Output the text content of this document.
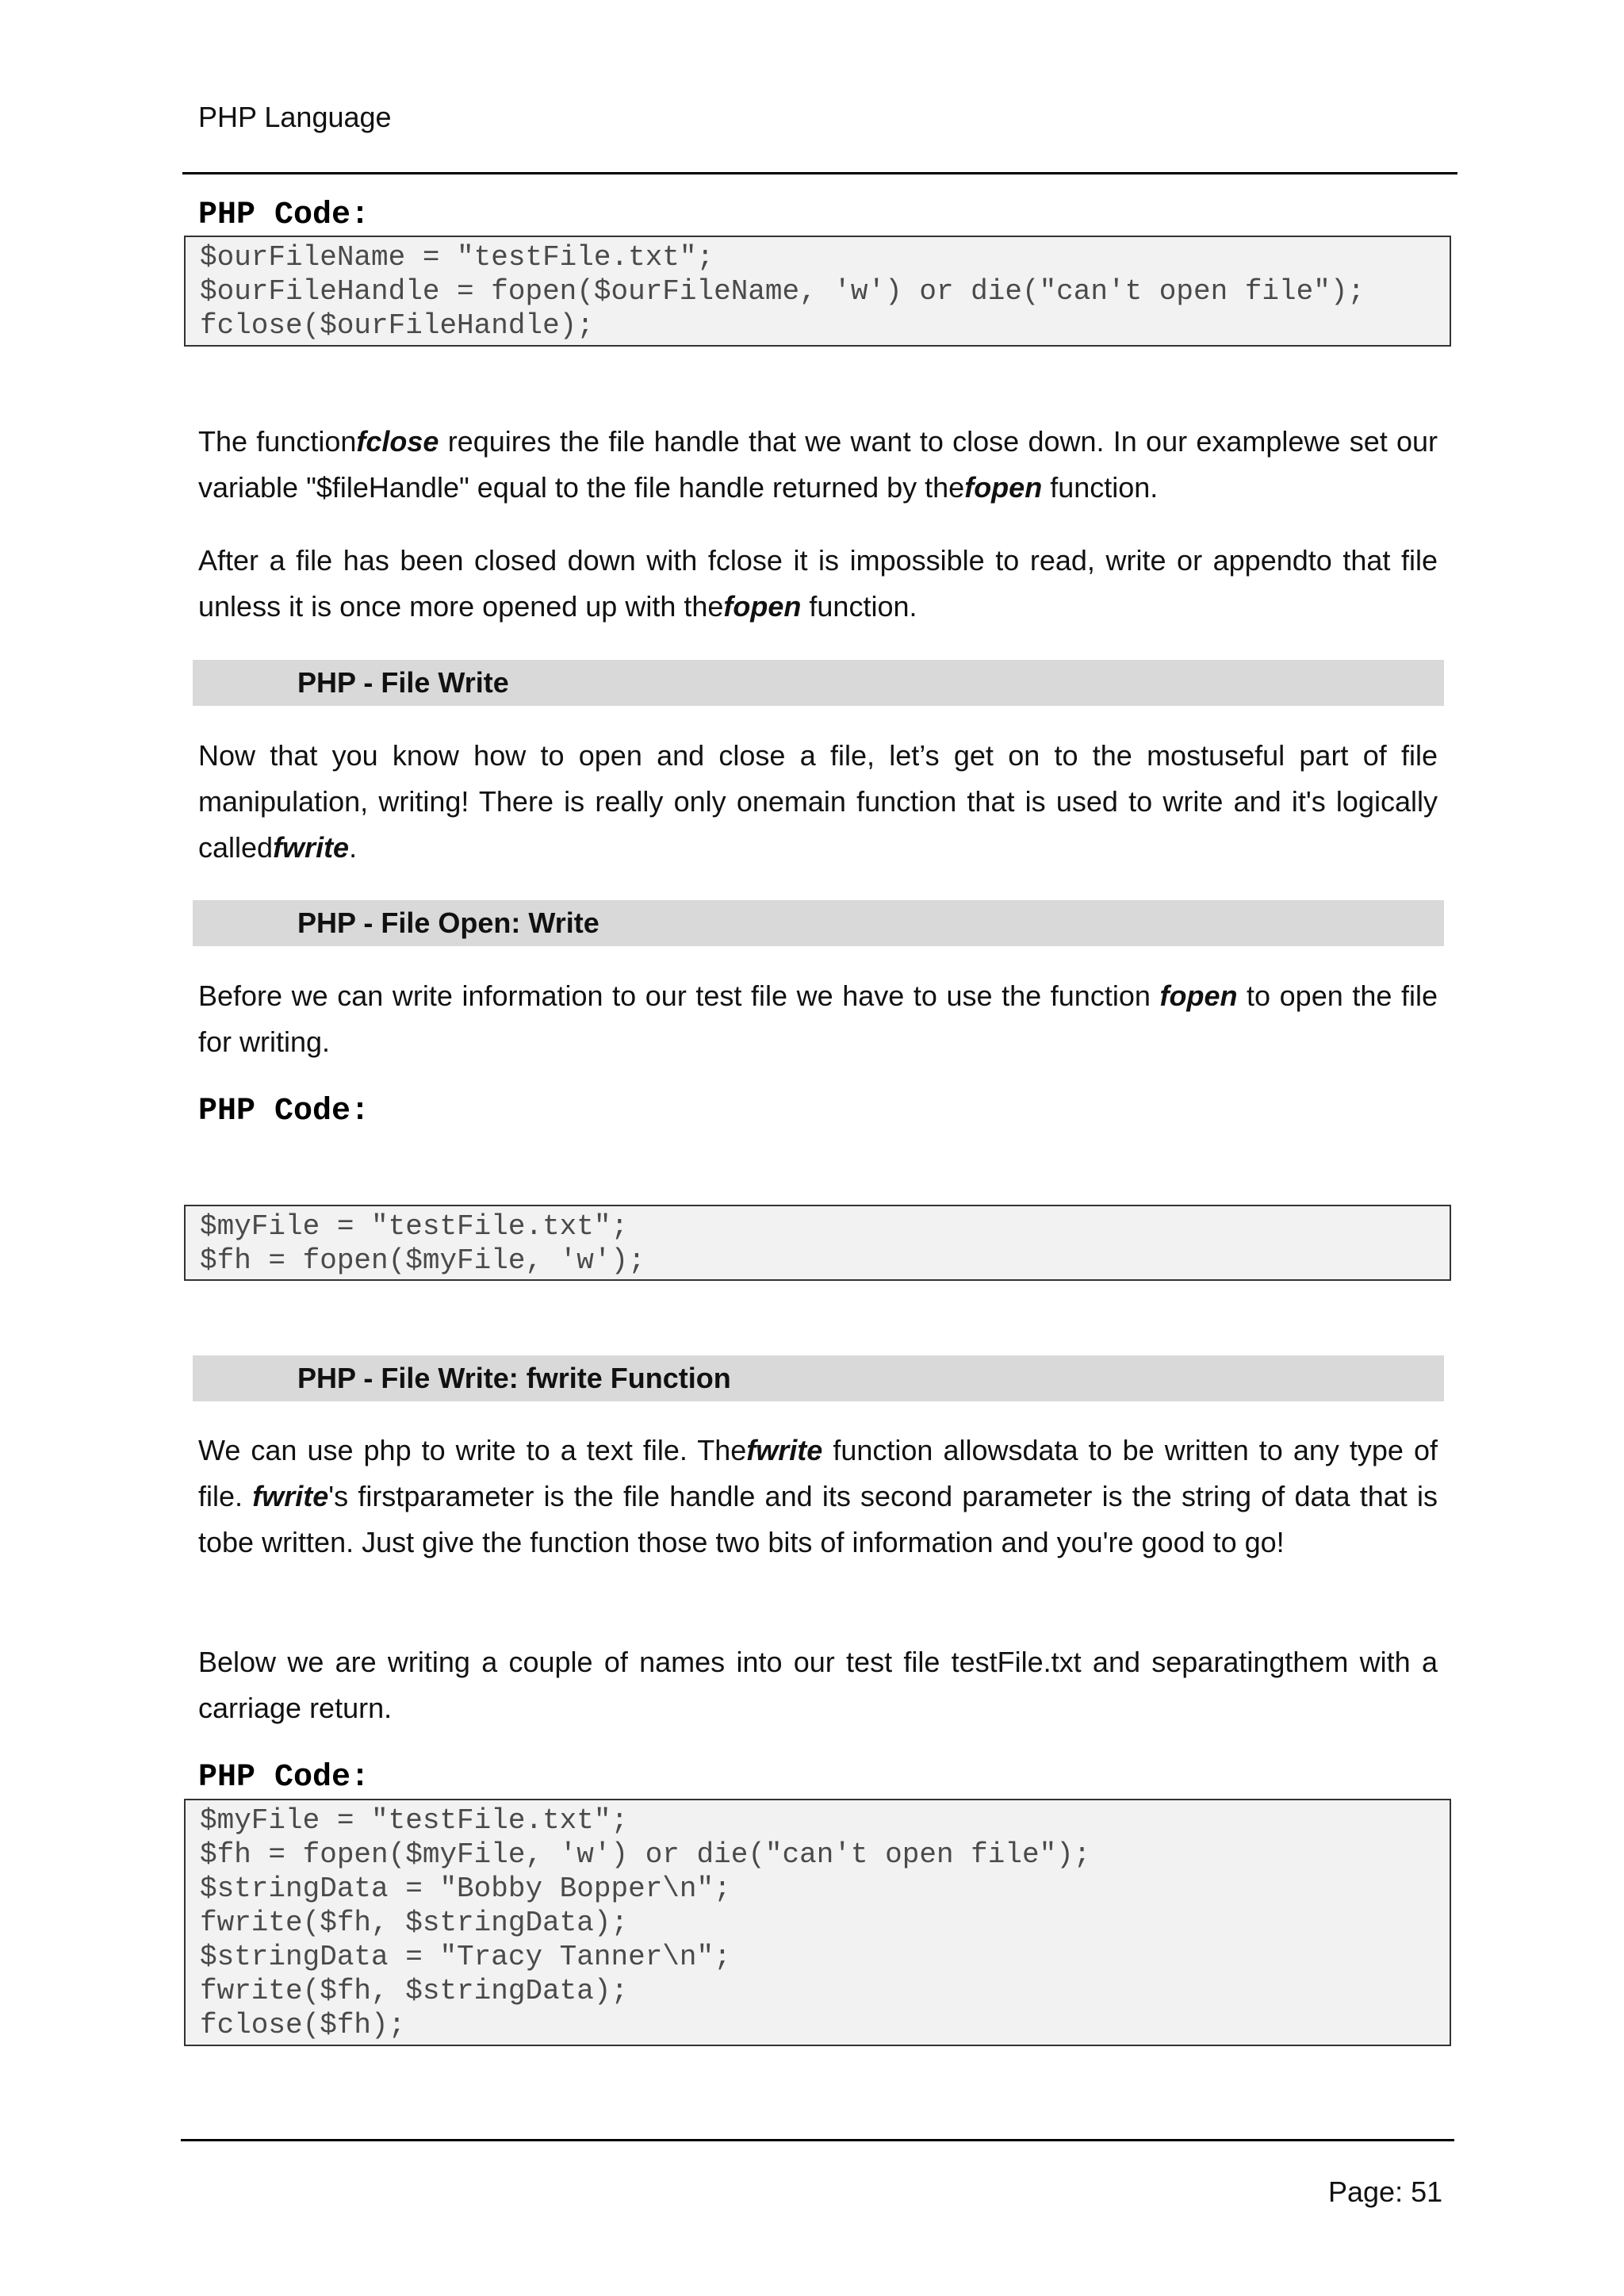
PHP Language
PHP Code:
$ourFileName = "testFile.txt";
$ourFileHandle = fopen($ourFileName, 'w') or die("can't open file");
fclose($ourFileHandle);

The functionfclose requires the file handle that we want to close down. In our examplewe set our variable "$fileHandle" equal to the file handle returned by thefopen function.

After a file has been closed down with fclose it is impossible to read, write or appendto that file unless it is once more opened up with thefopen function.

PHP - File Write

Now that you know how to open and close a file, let’s get on to the mostuseful part of file manipulation, writing! There is really only onemain function that is used to write and it's logically calledfwrite.

PHP - File Open: Write

Before we can write information to our test file we have to use the function fopen to open the file for writing.

PHP Code:
$myFile = "testFile.txt";
$fh = fopen($myFile, 'w');
PHP - File Write: fwrite Function

We can use php to write to a text file. Thefwrite function allowsdata to be written to any type of file. fwrite's firstparameter is the file handle and its second parameter is the string of data that is tobe written. Just give the function those two bits of information and you're good to go!

Below we are writing a couple of names into our test file testFile.txt and separatingthem with a carriage return.

PHP Code:
$myFile = "testFile.txt";
$fh = fopen($myFile, 'w') or die("can't open file");
$stringData = "Bobby Bopper\n";
fwrite($fh, $stringData);
$stringData = "Tracy Tanner\n";
fwrite($fh, $stringData);
fclose($fh);
Page: 51
